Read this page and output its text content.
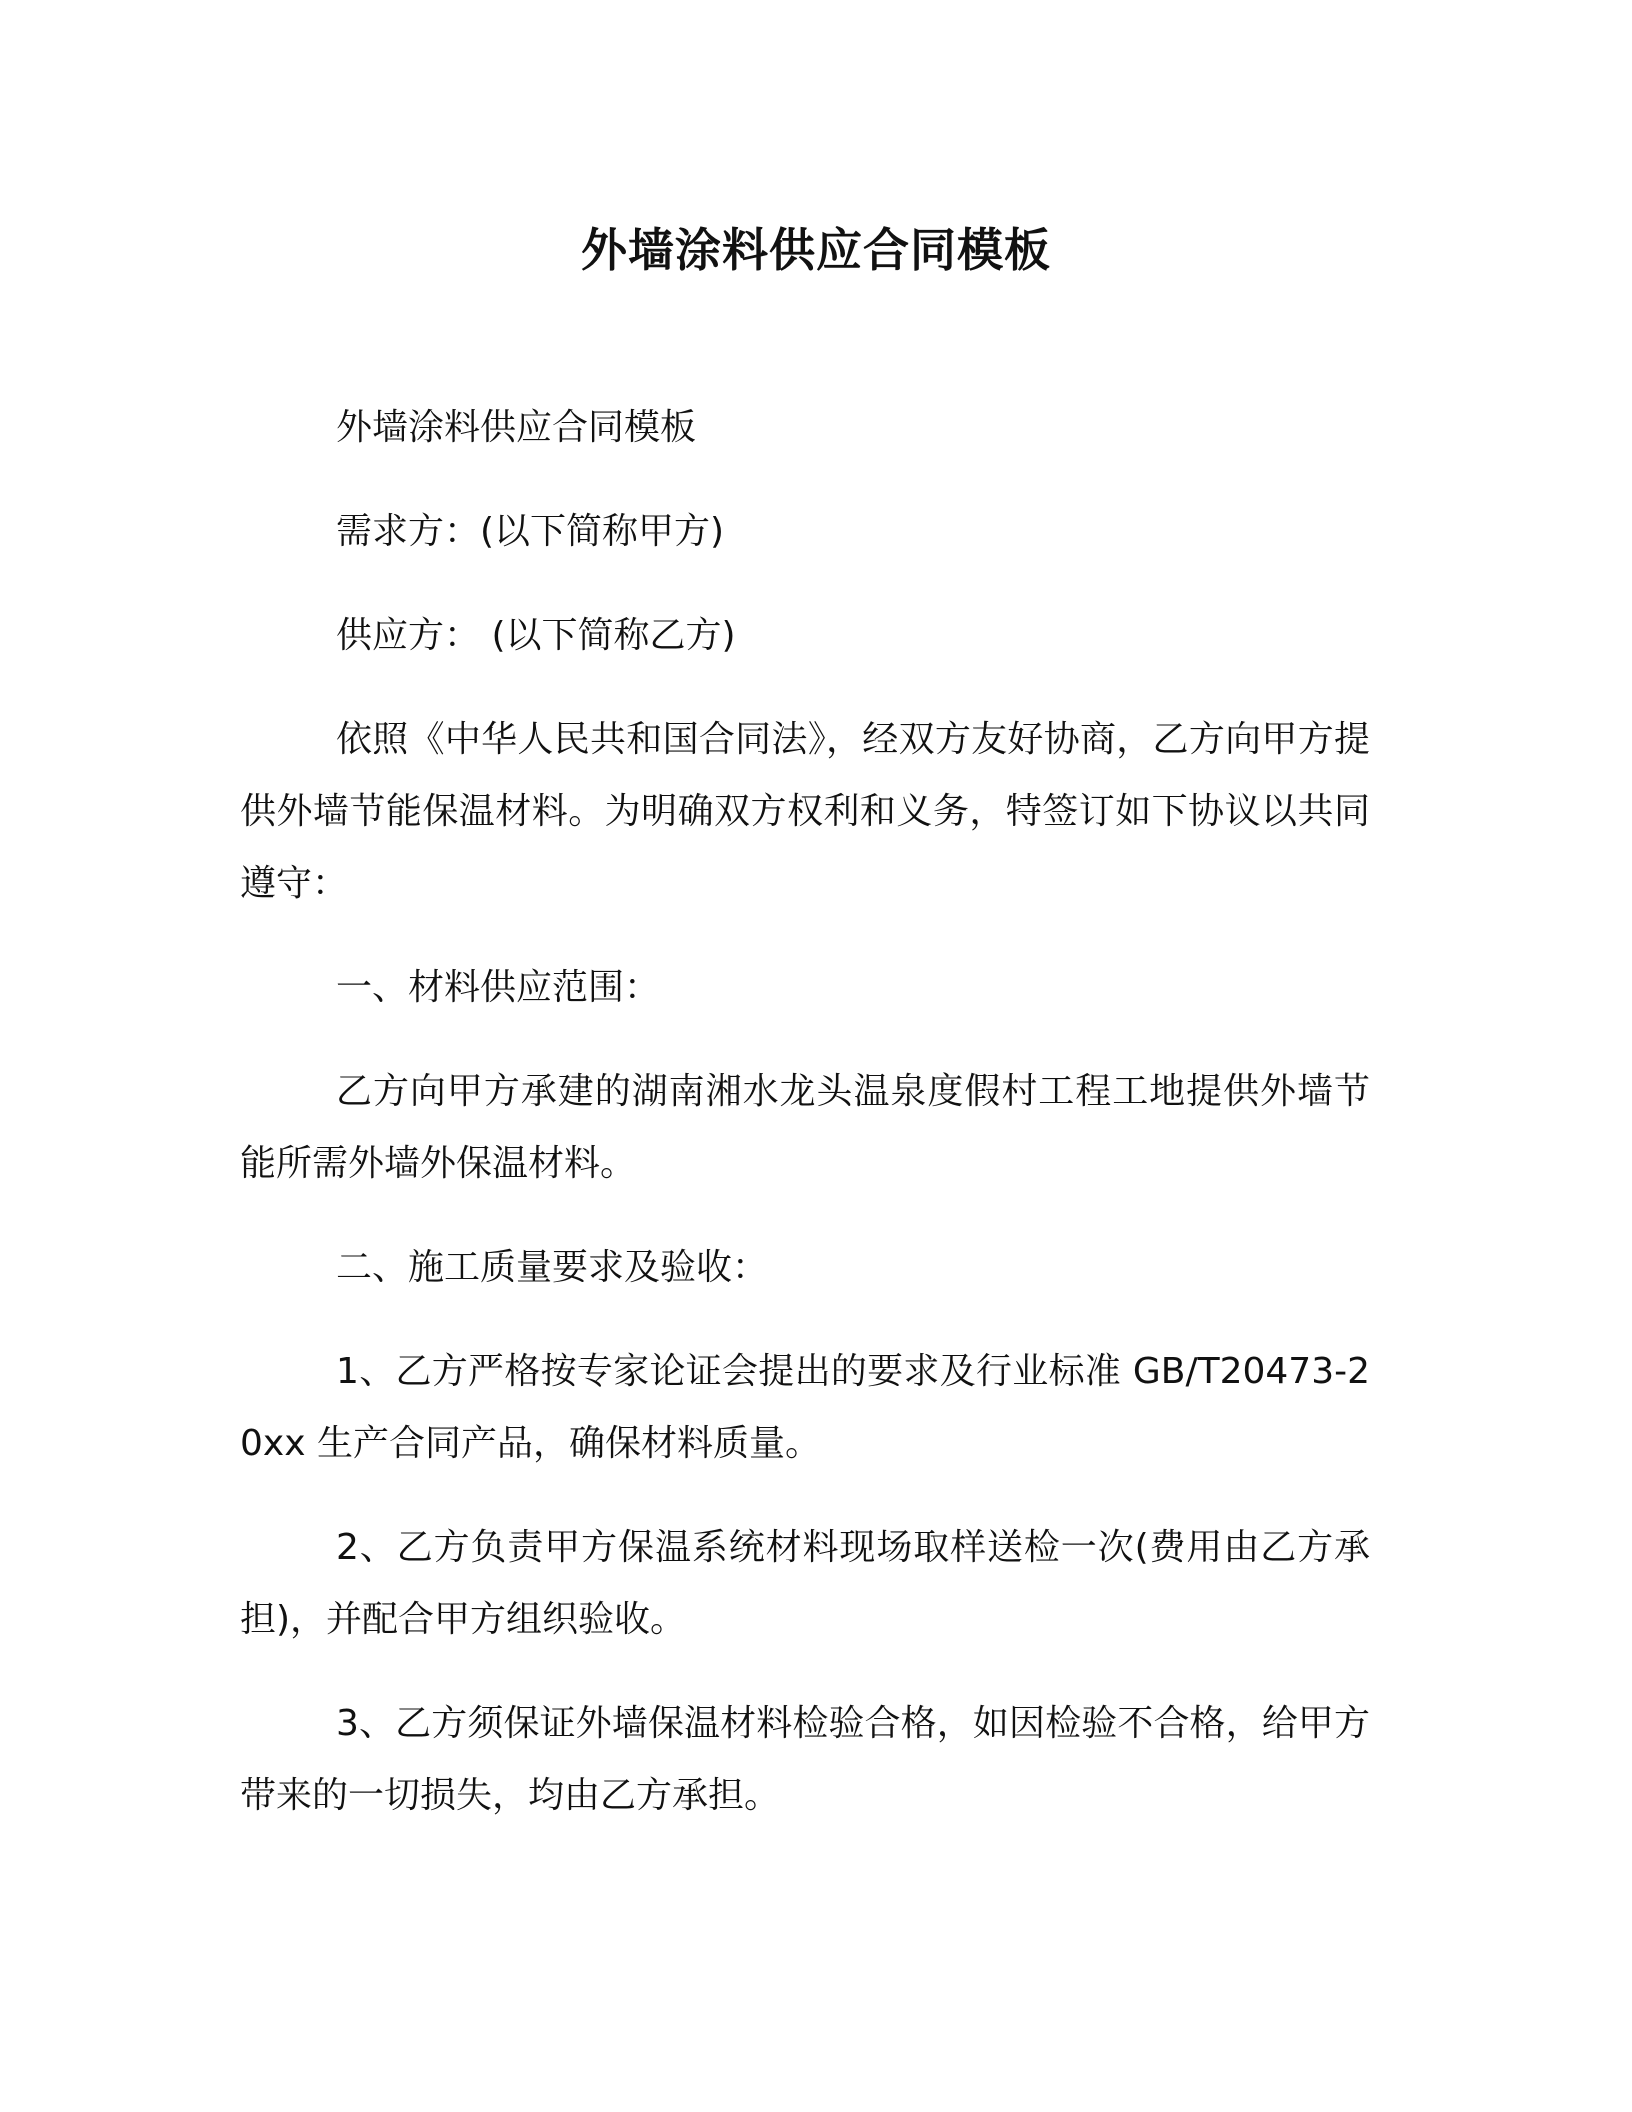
外墙涂料供应合同模板

外墙涂料供应合同模板

需求方：(以下简称甲方)

供应方： (以下简称乙方)

依照《中华人民共和国合同法》，经双方友好协商，乙方向甲方提供外墙节能保温材料。为明确双方权利和义务，特签订如下协议以共同遵守：

一、材料供应范围：

乙方向甲方承建的湖南湘水龙头温泉度假村工程工地提供外墙节能所需外墙外保温材料。

二、施工质量要求及验收：

1、乙方严格按专家论证会提出的要求及行业标准 GB/T20473-20xx 生产合同产品，确保材料质量。

2、乙方负责甲方保温系统材料现场取样送检一次(费用由乙方承担)，并配合甲方组织验收。

3、乙方须保证外墙保温材料检验合格，如因检验不合格，给甲方带来的一切损失，均由乙方承担。
